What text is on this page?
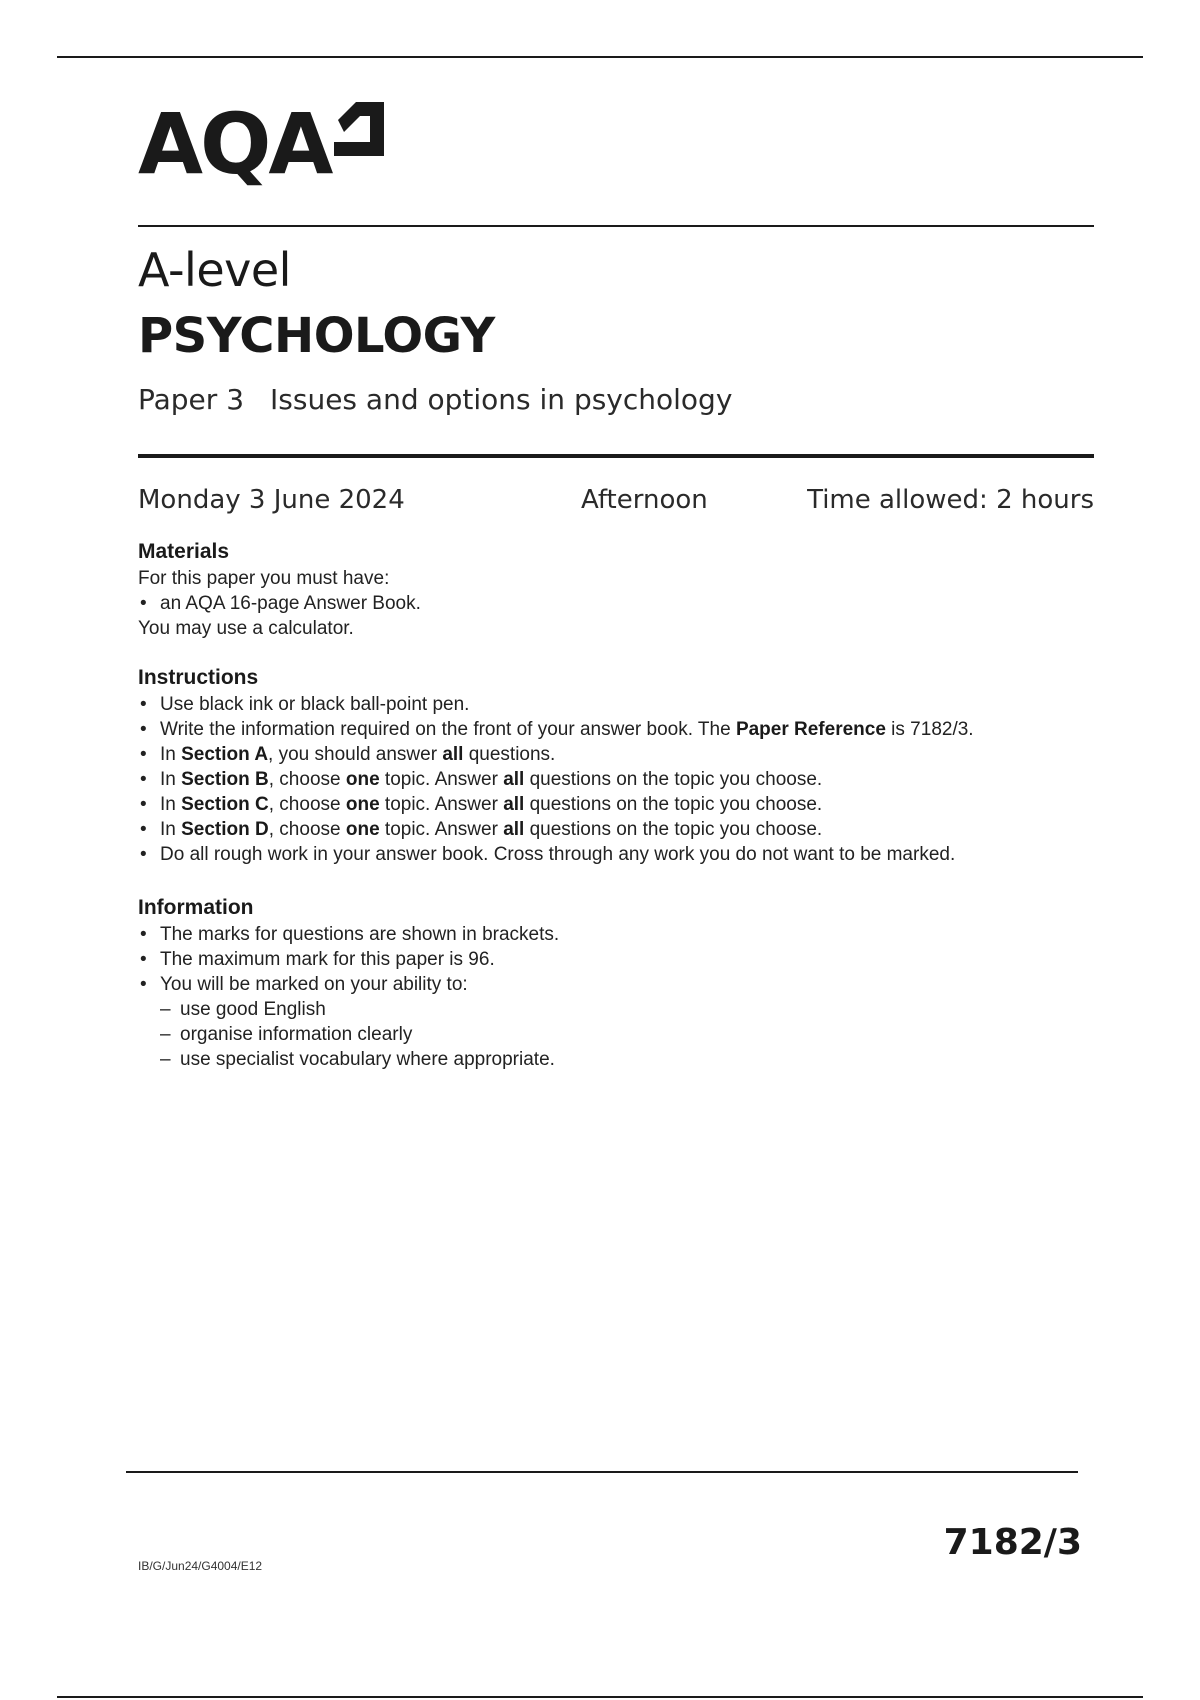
AQA
A-level
PSYCHOLOGY
Paper 3 Issues and options in psychology
Monday 3 June 2024	Afternoon	Time allowed: 2 hours
Materials

For this paper you must have:

• an AQA 16-page Answer Book.

You may use a calculator.

Instructions
• Use black ink or black ball-point pen.
• Write the information required on the front of your answer book. The Paper Reference is 7182/3.
• In Section A, you should answer all questions.
• In Section B, choose one topic. Answer all questions on the topic you choose.
• In Section C, choose one topic. Answer all questions on the topic you choose.
• In Section D, choose one topic. Answer all questions on the topic you choose.
• Do all rough work in your answer book. Cross through any work you do not want to be marked.
Information
• The marks for questions are shown in brackets.
• The maximum mark for this paper is 96.
• You will be marked on your ability to:
– use good English
– organise information clearly
– use specialist vocabulary where appropriate.
IB/G/Jun24/G4004/E12
7182/3
